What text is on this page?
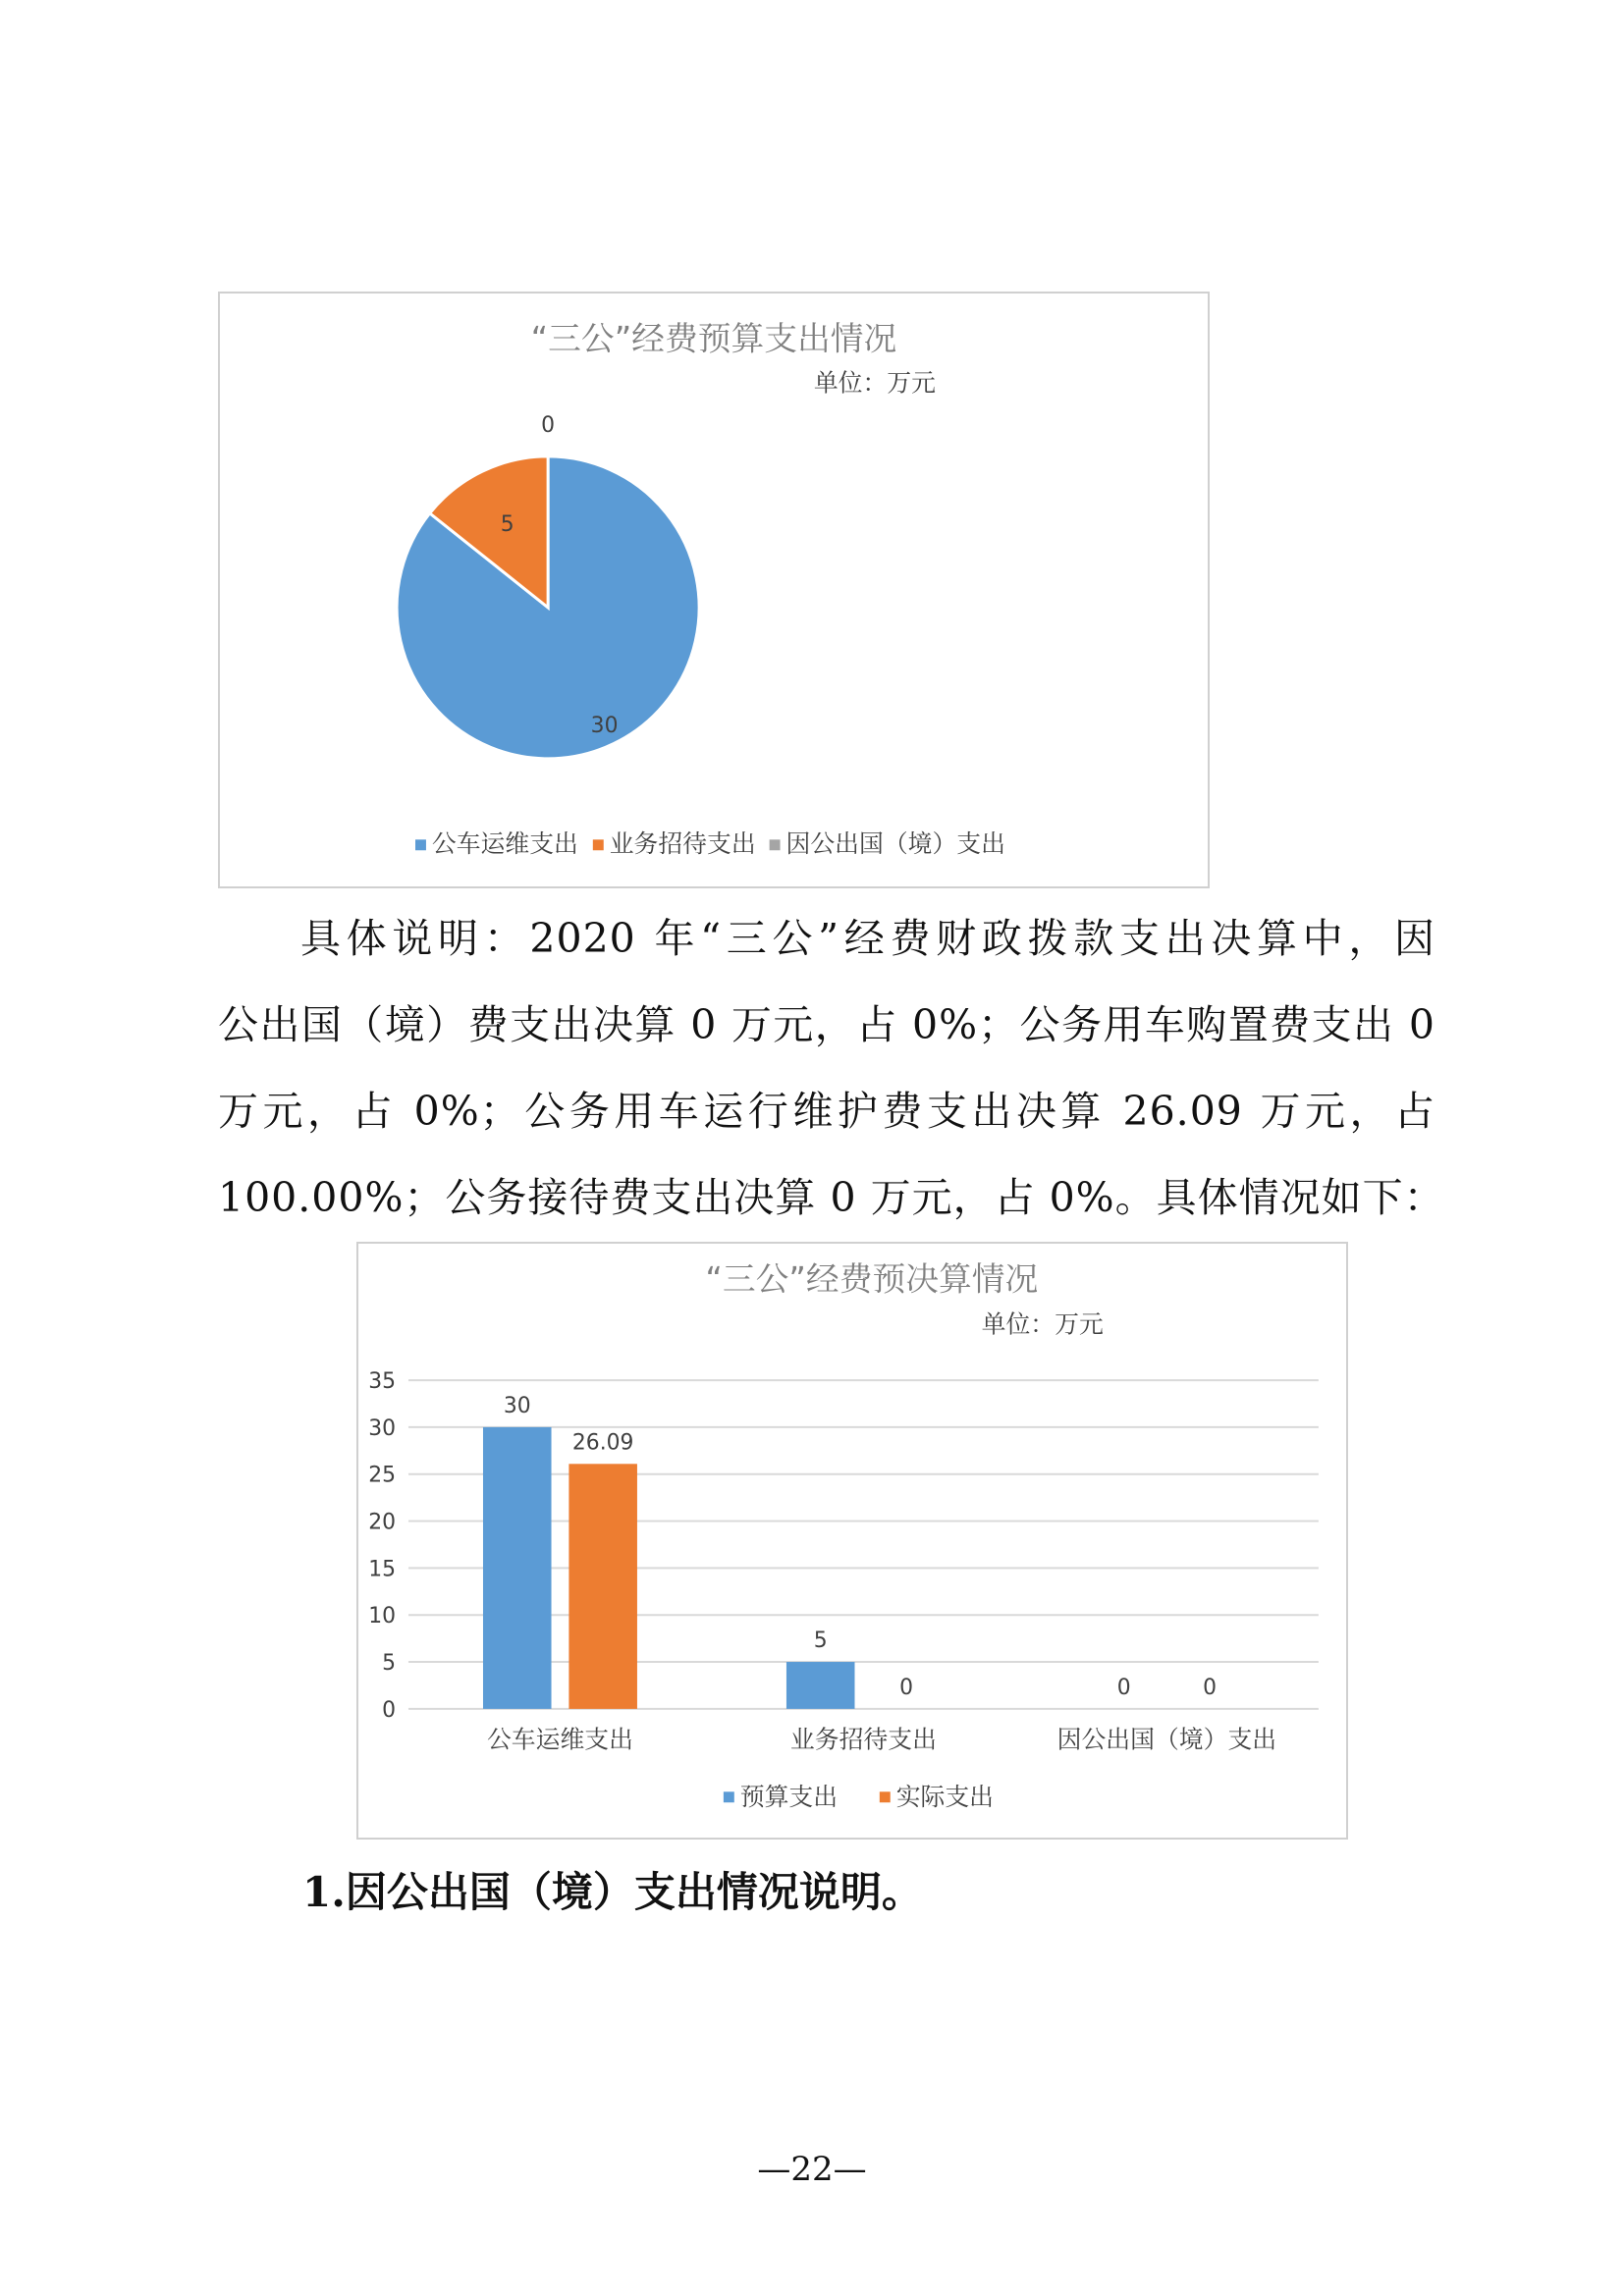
“三公”经费预算支出情况
单位：万元
30
5
0
公车运维支出 业务招待支出 因公出国（境）支出
具体说明：2020 年“三公”经费财政拨款支出决算中，因
公出国（境）费支出决算 0 万元，占 0%；公务用车购置费支出 0
万元，占 0%；公务用车运行维护费支出决算 26.09 万元，占
100.00%；公务接待费支出决算 0 万元，占 0%。具体情况如下：
“三公”经费预决算情况
单位：万元
0
5
10
15
20
25
30
35
30
26.09
公车运维支出
5
0
业务招待支出
0	0
因公出国（境）支出
预算支出 实际支出
1.因公出国（境）支出情况说明。
—22—
